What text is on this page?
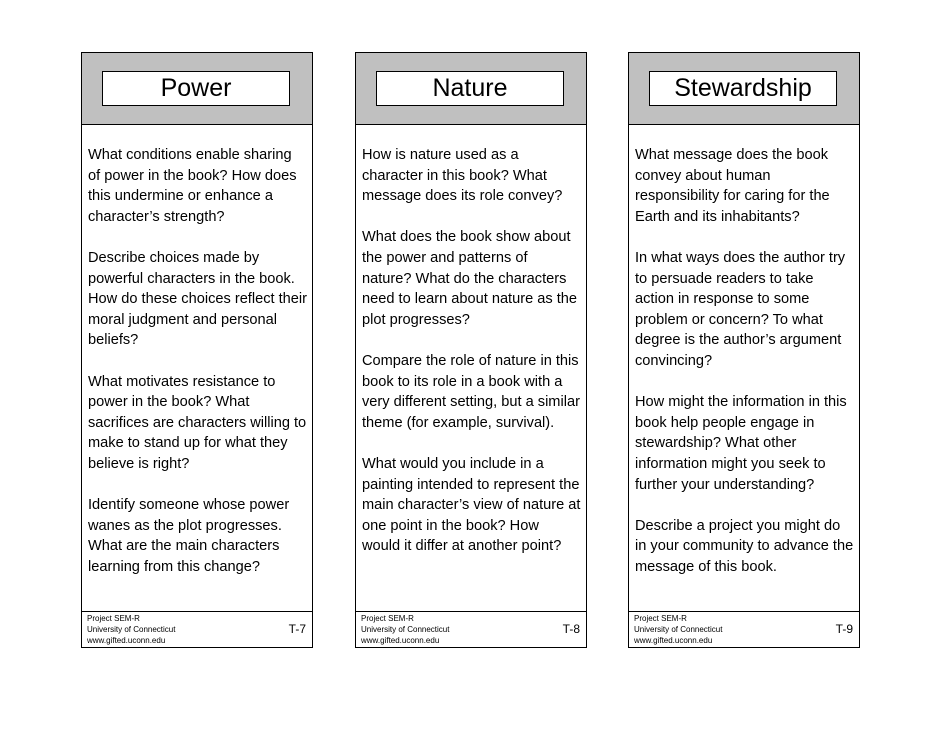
Power

What conditions enable sharing of power in the book? How does this undermine or enhance a character’s strength?

Describe choices made by powerful characters in the book. How do these choices reflect their moral judgment and personal beliefs?

What motivates resistance to power in the book? What sacrifices are characters willing to make to stand up for what they believe is right?

Identify someone whose power wanes as the plot progresses. What are the main characters learning from this change?

Project SEM-R
University of Connecticut
www.gifted.uconn.edu
T-7
Nature

How is nature used as a character in this book? What message does its role convey?

What does the book show about the power and patterns of nature? What do the characters need to learn about nature as the plot progresses?

Compare the role of nature in this book to its role in a book with a very different setting, but a similar theme (for example, survival).

What would you include in a painting intended to represent the main character’s view of nature at one point in the book? How would it differ at another point?

Project SEM-R
University of Connecticut
www.gifted.uconn.edu
T-8
Stewardship

What message does the book convey about human responsibility for caring for the Earth and its inhabitants?

In what ways does the author try to persuade readers to take action in response to some problem or concern? To what degree is the author’s argument convincing?

How might the information in this book help people engage in stewardship? What other information might you seek to further your understanding?

Describe a project you might do in your community to advance the message of this book.

Project SEM-R
University of Connecticut
www.gifted.uconn.edu
T-9
